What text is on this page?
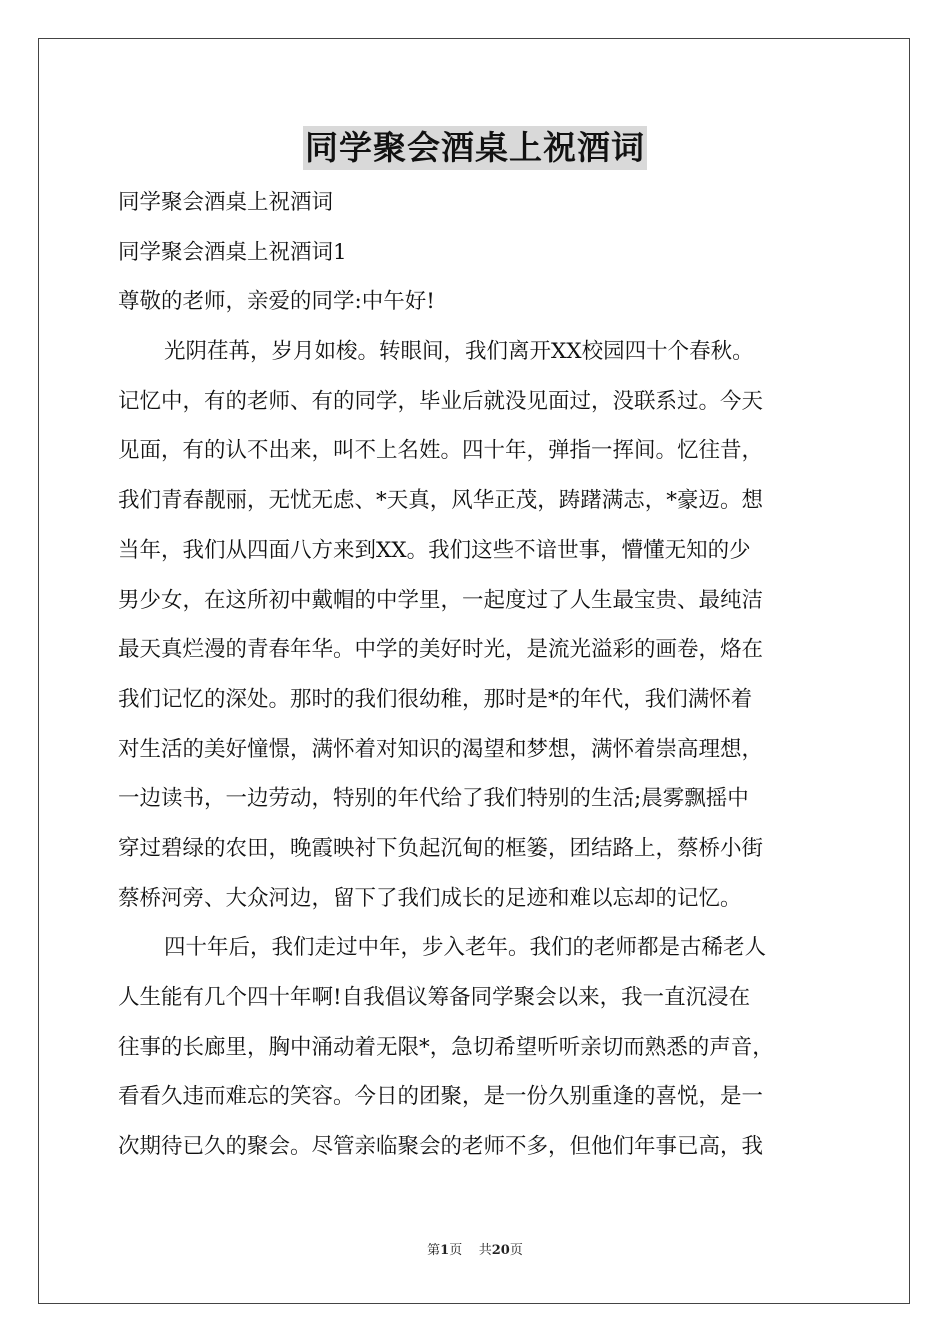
同学聚会酒桌上祝酒词

同学聚会酒桌上祝酒词

同学聚会酒桌上祝酒词1

尊敬的老师，亲爱的同学:中午好!

光阴荏苒，岁月如梭。转眼间，我们离开XX校园四十个春秋。

记忆中，有的老师、有的同学，毕业后就没见面过，没联系过。今天

见面，有的认不出来，叫不上名姓。四十年，弹指一挥间。忆往昔，

我们青春靓丽，无忧无虑、*天真，风华正茂，踌躇满志，*豪迈。想

当年，我们从四面八方来到XX。我们这些不谙世事，懵懂无知的少

男少女，在这所初中戴帽的中学里，一起度过了人生最宝贵、最纯洁

最天真烂漫的青春年华。中学的美好时光，是流光溢彩的画卷，烙在

我们记忆的深处。那时的我们很幼稚，那时是*的年代，我们满怀着

对生活的美好憧憬，满怀着对知识的渴望和梦想，满怀着崇高理想，

一边读书，一边劳动，特别的年代给了我们特别的生活;晨雾飘摇中

穿过碧绿的农田，晚霞映衬下负起沉甸的框篓，团结路上，蔡桥小街

蔡桥河旁、大众河边，留下了我们成长的足迹和难以忘却的记忆。

四十年后，我们走过中年，步入老年。我们的老师都是古稀老人

人生能有几个四十年啊!自我倡议筹备同学聚会以来，我一直沉浸在

往事的长廊里，胸中涌动着无限*，急切希望听听亲切而熟悉的声音，

看看久违而难忘的笑容。今日的团聚，是一份久别重逢的喜悦，是一

次期待已久的聚会。尽管亲临聚会的老师不多，但他们年事已高，我

第1页 共20页
